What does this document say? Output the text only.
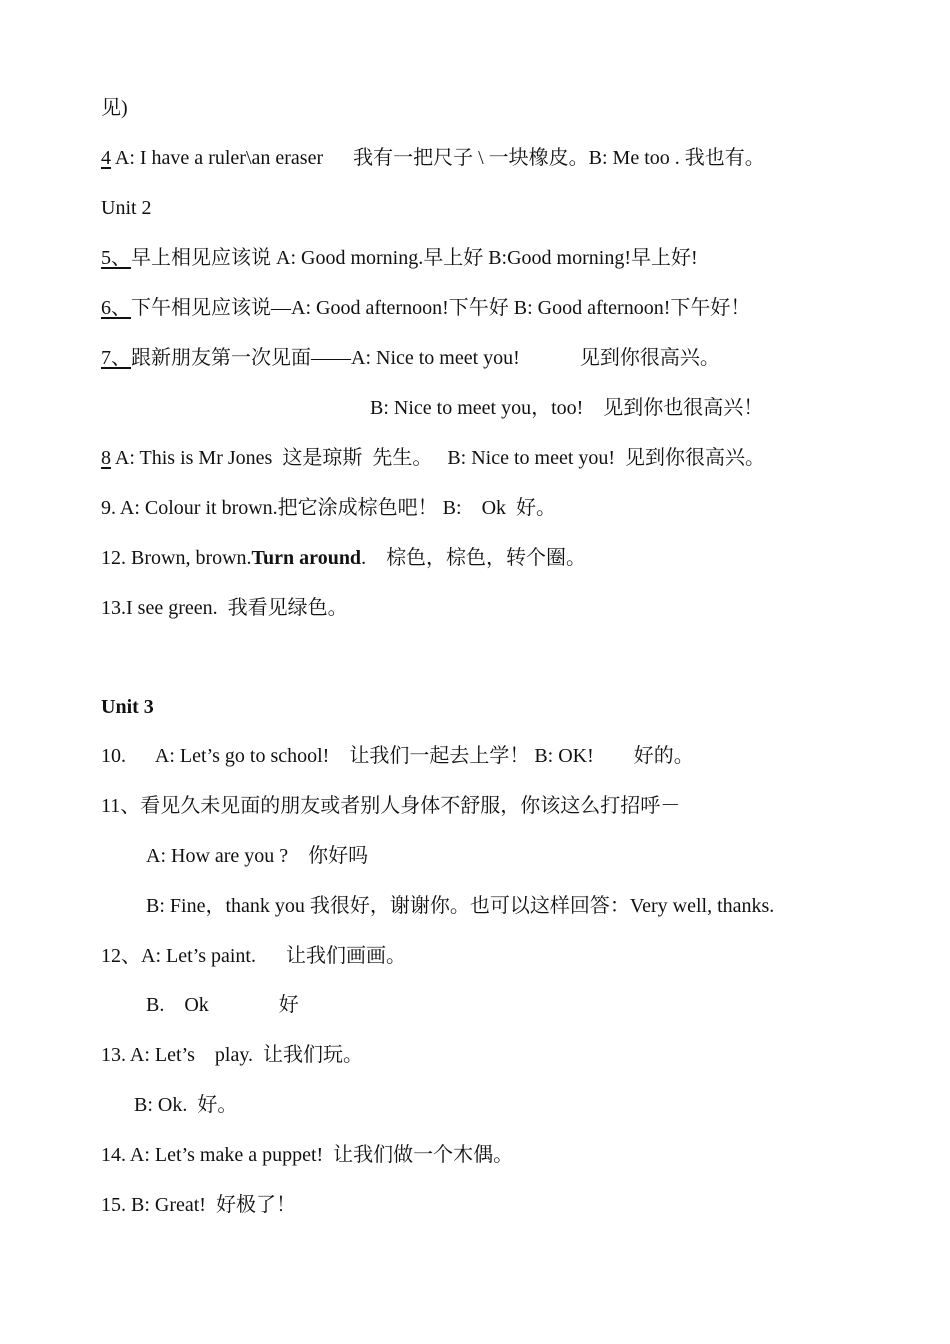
见)
4 A: I have a ruler\an eraser      我有一把尺子 \ 一块橡皮。B: Me too . 我也有。
Unit 2
5、早上相见应该说 A: Good morning.早上好 B:Good morning!早上好!
6、下午相见应该说—A: Good afternoon!下午好 B: Good afternoon!下午好！
7、跟新朋友第一次见面——A: Nice to meet you!            见到你很高兴。
B: Nice to meet you，too!    见到你也很高兴！
8 A: This is Mr Jones  这是琼斯  先生。   B: Nice to meet you!  见到你很高兴。
9. A: Colour it brown.把它涂成棕色吧！ B:    Ok  好。
12. Brown, brown.Turn around.    棕色，棕色，转个圈。
13.I see green.  我看见绿色。
Unit 3
10.      A: Let’s go to school!    让我们一起去上学！ B: OK!        好的。
11、看见久未见面的朋友或者别人身体不舒服，你该这么打招呼－
A: How are you ?    你好吗
B: Fine，thank you 我很好，谢谢你。也可以这样回答：Very well, thanks.
12、A: Let’s paint.      让我们画画。
B.    Ok              好
13. A: Let’s    play.  让我们玩。
B: Ok.  好。
14. A: Let’s make a puppet!  让我们做一个木偶。
15. B: Great!  好极了！
